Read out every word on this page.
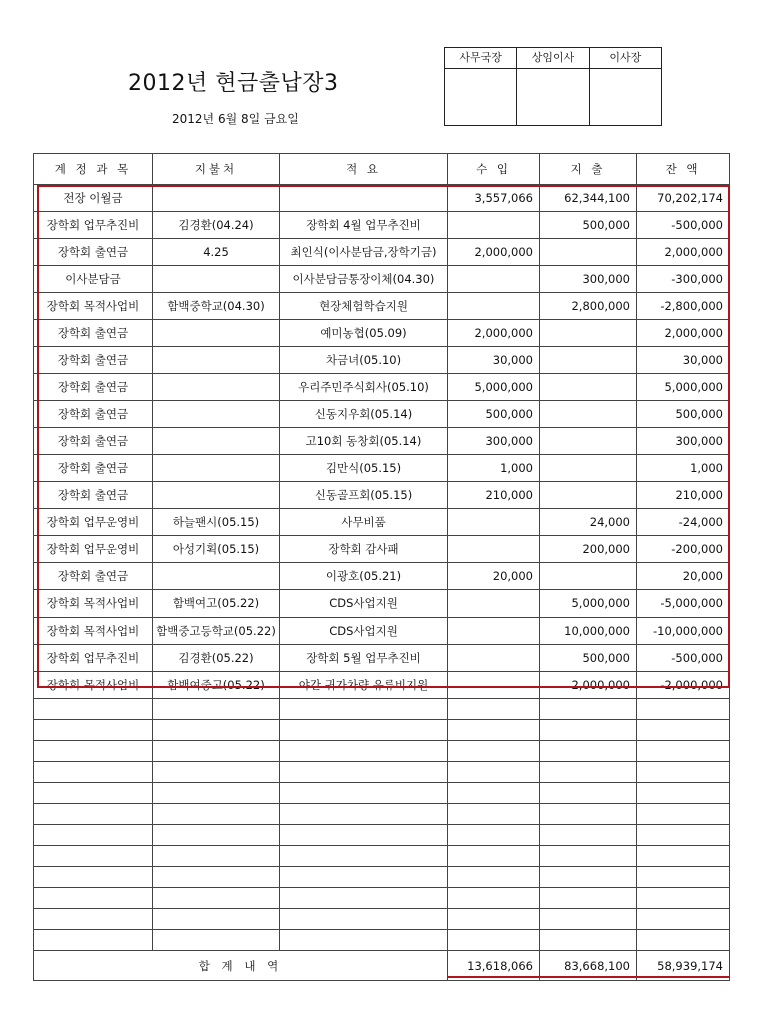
2012년 현금출납장3
2012년 6월 8일 금요일
사무국장	상임이사	이사장
계 정 과 목	지불처	적 요	수 입	지 출	잔 액
전장 이월금			3,557,066	62,344,100	70,202,174
장학회 업무추진비	김경환(04.24)	장학회 4월 업무추진비		500,000	-500,000
장학회 출연금	4.25	최인식(이사분담금,장학기금)	2,000,000		2,000,000
이사분담금		이사분담금통장이체(04.30)		300,000	-300,000
장학회 목적사업비	함백중학교(04.30)	현장체험학습지원		2,800,000	-2,800,000
장학회 출연금		예미농협(05.09)	2,000,000		2,000,000
장학회 출연금		차금녀(05.10)	30,000		30,000
장학회 출연금		우리주민주식회사(05.10)	5,000,000		5,000,000
장학회 출연금		신동지우회(05.14)	500,000		500,000
장학회 출연금		고10회 동창회(05.14)	300,000		300,000
장학회 출연금		김만식(05.15)	1,000		1,000
장학회 출연금		신동골프회(05.15)	210,000		210,000
장학회 업무운영비	하늘팬시(05.15)	사무비품		24,000	-24,000
장학회 업무운영비	아성기획(05.15)	장학회 감사패		200,000	-200,000
장학회 출연금		이광호(05.21)	20,000		20,000
장학회 목적사업비	함백여고(05.22)	CDS사업지원		5,000,000	-5,000,000
장학회 목적사업비	함백중고등학교(05.22)	CDS사업지원		10,000,000	-10,000,000
장학회 업무추진비	김경환(05.22)	장학회 5월 업무추진비		500,000	-500,000
장학회 목적사업비	함백여중고(05.22)	야간 귀가차량 유류비지원		2,000,000	-2,000,000

합 계 내 역			13,618,066	83,668,100	58,939,174
